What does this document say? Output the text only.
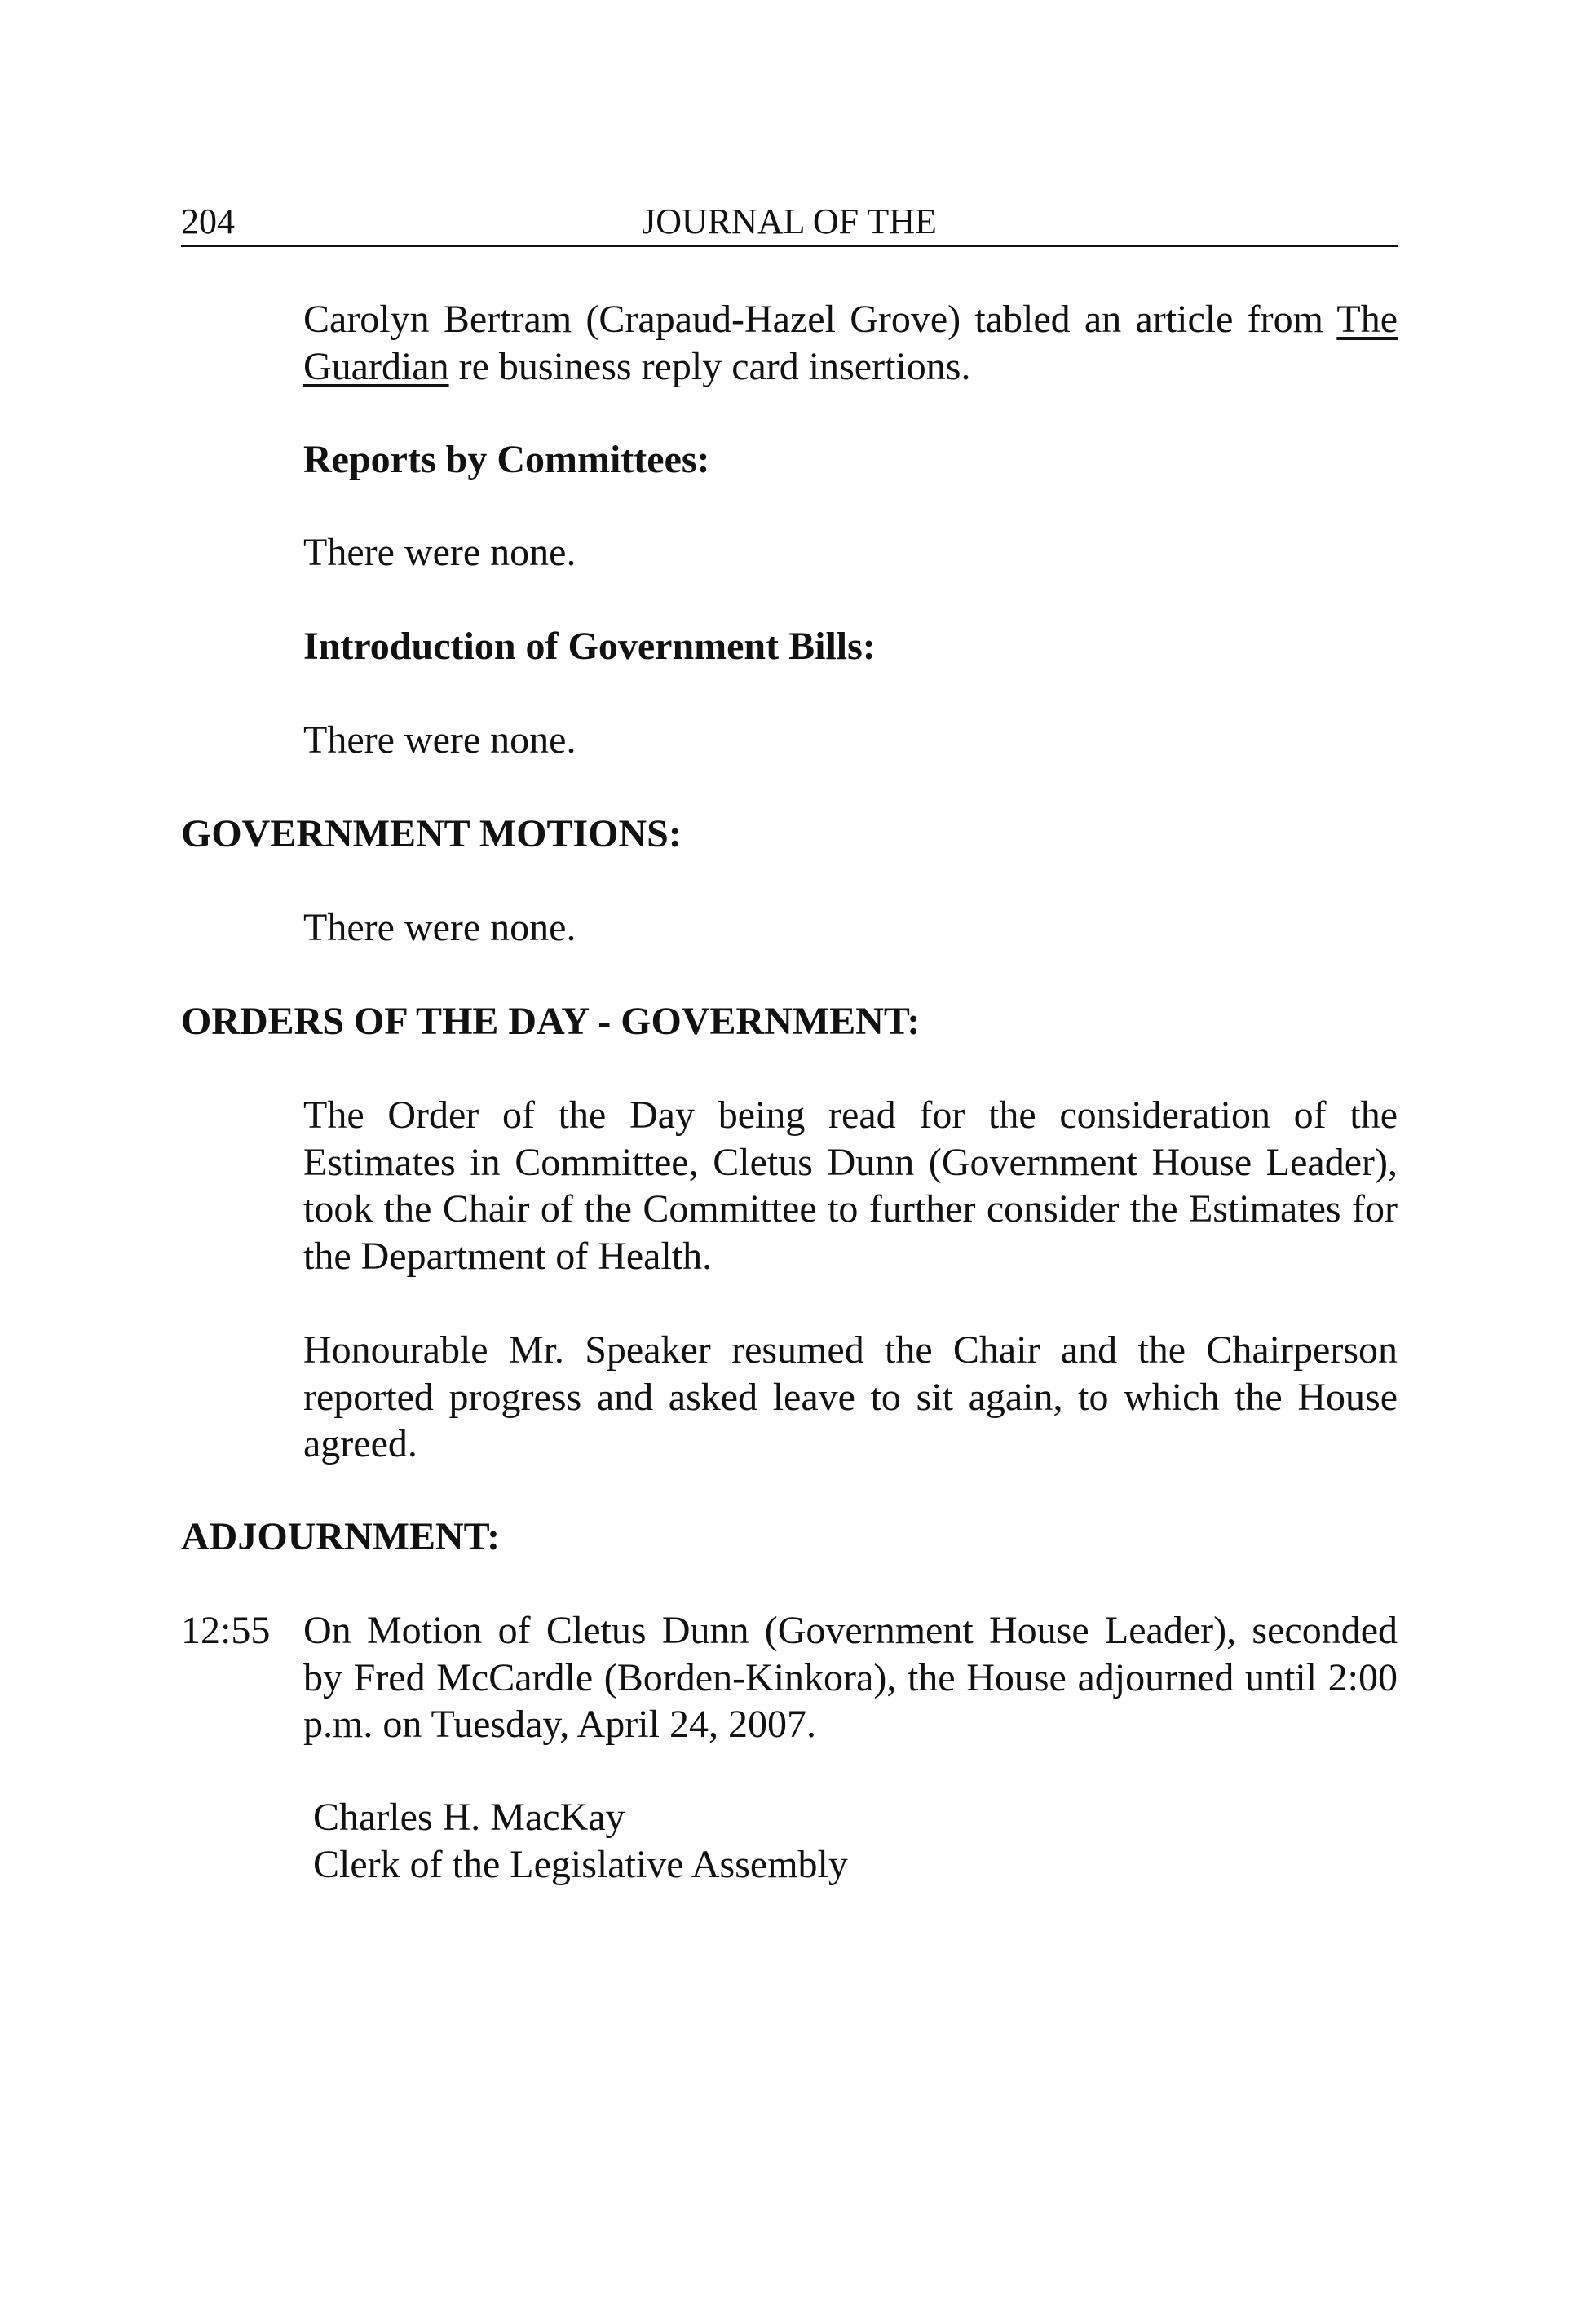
204	JOURNAL OF THE
Carolyn Bertram (Crapaud-Hazel Grove) tabled an article from The Guardian re business reply card insertions.
Reports by Committees:
There were none.
Introduction of Government Bills:
There were none.
GOVERNMENT MOTIONS:
There were none.
ORDERS OF THE DAY - GOVERNMENT:
The Order of the Day being read for the consideration of the Estimates in Committee, Cletus Dunn (Government House Leader), took the Chair of the Committee to further consider the Estimates for the Department of Health.
Honourable Mr. Speaker resumed the Chair and the Chairperson reported progress and asked leave to sit again, to which the House agreed.
ADJOURNMENT:
12:55 On Motion of Cletus Dunn (Government House Leader), seconded by Fred McCardle (Borden-Kinkora), the House adjourned until 2:00 p.m. on Tuesday, April 24, 2007.
Charles H. MacKay
Clerk of the Legislative Assembly
